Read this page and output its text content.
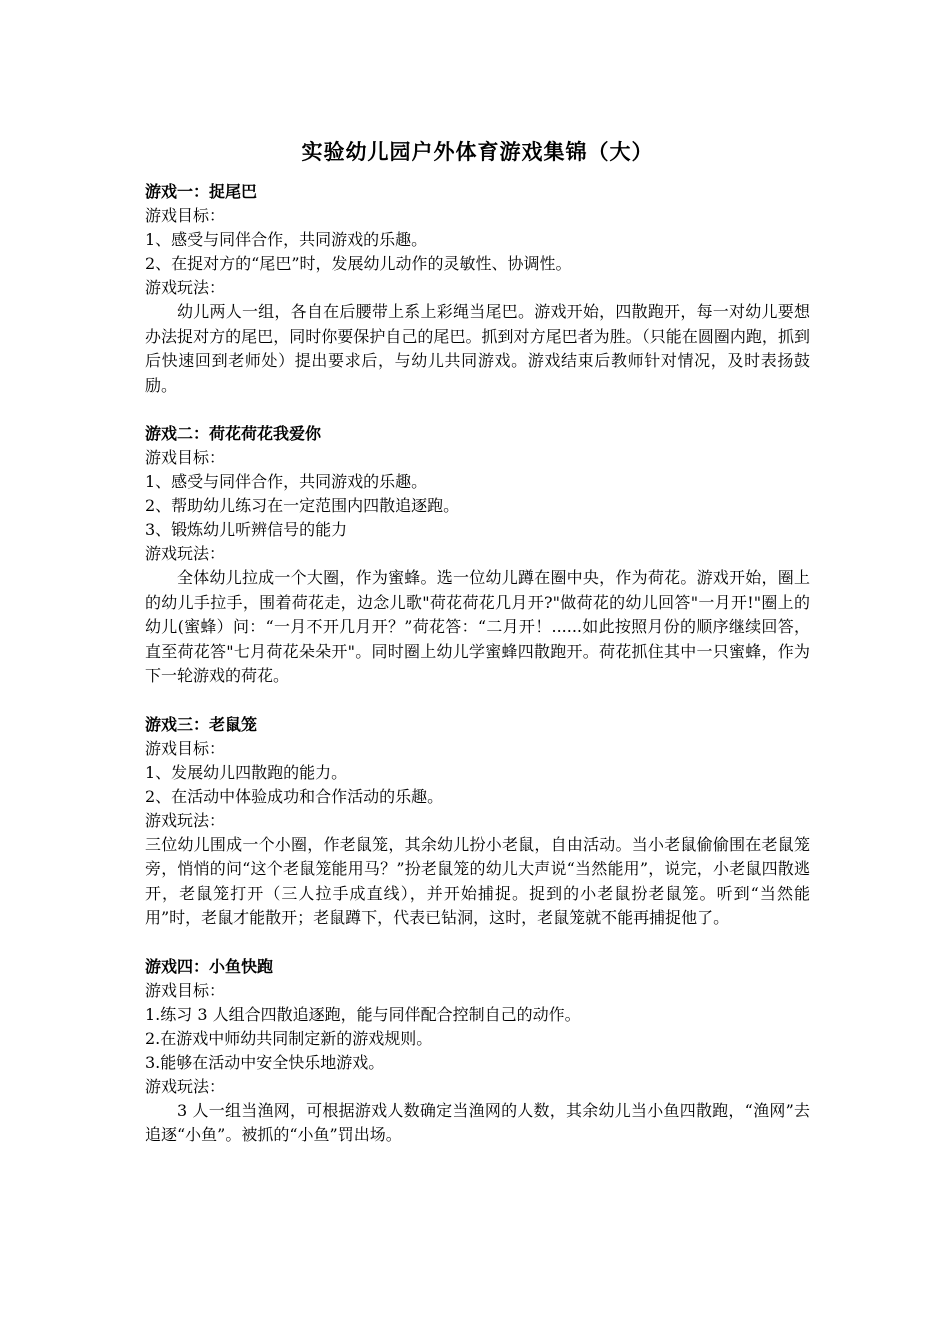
实验幼儿园户外体育游戏集锦（大）
游戏一：捉尾巴
游戏目标：
1、感受与同伴合作，共同游戏的乐趣。
2、在捉对方的“尾巴”时，发展幼儿动作的灵敏性、协调性。
游戏玩法：
幼儿两人一组，各自在后腰带上系上彩绳当尾巴。游戏开始，四散跑开，每一对幼儿要想办法捉对方的尾巴，同时你要保护自己的尾巴。抓到对方尾巴者为胜。（只能在圆圈内跑，抓到后快速回到老师处）提出要求后，与幼儿共同游戏。游戏结束后教师针对情况，及时表扬鼓励。
游戏二：荷花荷花我爱你
游戏目标：
1、感受与同伴合作，共同游戏的乐趣。
2、帮助幼儿练习在一定范围内四散追逐跑。
3、锻炼幼儿听辨信号的能力
游戏玩法：
全体幼儿拉成一个大圈，作为蜜蜂。选一位幼儿蹲在圈中央，作为荷花。游戏开始，圈上的幼儿手拉手，围着荷花走，边念儿歌"荷花荷花几月开?"做荷花的幼儿回答"一月开!"圈上的幼儿(蜜蜂）问：“一月不开几月开？”荷花答：“二月开！......如此按照月份的顺序继续回答，直至荷花答"七月荷花朵朵开"。同时圈上幼儿学蜜蜂四散跑开。荷花抓住其中一只蜜蜂，作为下一轮游戏的荷花。
游戏三：老鼠笼
游戏目标：
1、发展幼儿四散跑的能力。
2、在活动中体验成功和合作活动的乐趣。
游戏玩法：
三位幼儿围成一个小圈，作老鼠笼，其余幼儿扮小老鼠，自由活动。当小老鼠偷偷围在老鼠笼旁，悄悄的问“这个老鼠笼能用马？”扮老鼠笼的幼儿大声说“当然能用”，说完，小老鼠四散逃开，老鼠笼打开（三人拉手成直线），并开始捕捉。捉到的小老鼠扮老鼠笼。听到“当然能用”时，老鼠才能散开；老鼠蹲下，代表已钻洞，这时，老鼠笼就不能再捕捉他了。
游戏四：小鱼快跑
游戏目标：
1.练习 3 人组合四散追逐跑，能与同伴配合控制自己的动作。
2.在游戏中师幼共同制定新的游戏规则。
3.能够在活动中安全快乐地游戏。
游戏玩法：
3 人一组当渔网，可根据游戏人数确定当渔网的人数，其余幼儿当小鱼四散跑，“渔网”去追逐“小鱼”。被抓的“小鱼”罚出场。
